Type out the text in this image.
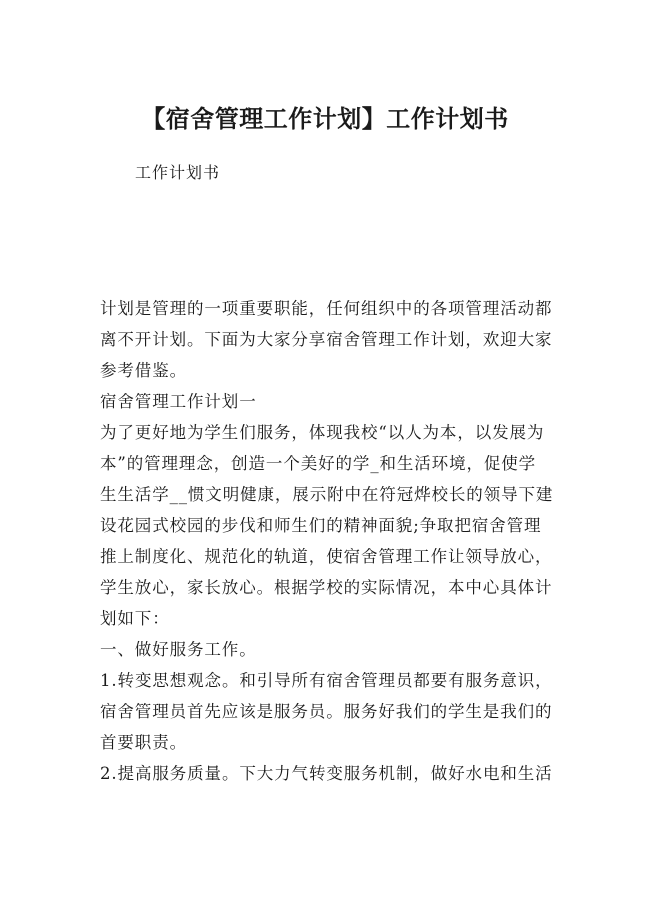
【宿舍管理工作计划】工作计划书
工作计划书
计划是管理的一项重要职能，任何组织中的各项管理活动都
离不开计划。下面为大家分享宿舍管理工作计划，欢迎大家
参考借鉴。
宿舍管理工作计划一
为了更好地为学生们服务，体现我校“以人为本，以发展为
本”的管理理念，创造一个美好的学_和生活环境，促使学
生生活学__惯文明健康，展示附中在符冠烨校长的领导下建
设花园式校园的步伐和师生们的精神面貌;争取把宿舍管理
推上制度化、规范化的轨道，使宿舍管理工作让领导放心，
学生放心，家长放心。根据学校的实际情况，本中心具体计
划如下：
一、做好服务工作。
1.转变思想观念。和引导所有宿舍管理员都要有服务意识，
宿舍管理员首先应该是服务员。服务好我们的学生是我们的
首要职责。
2.提高服务质量。下大力气转变服务机制，做好水电和生活
